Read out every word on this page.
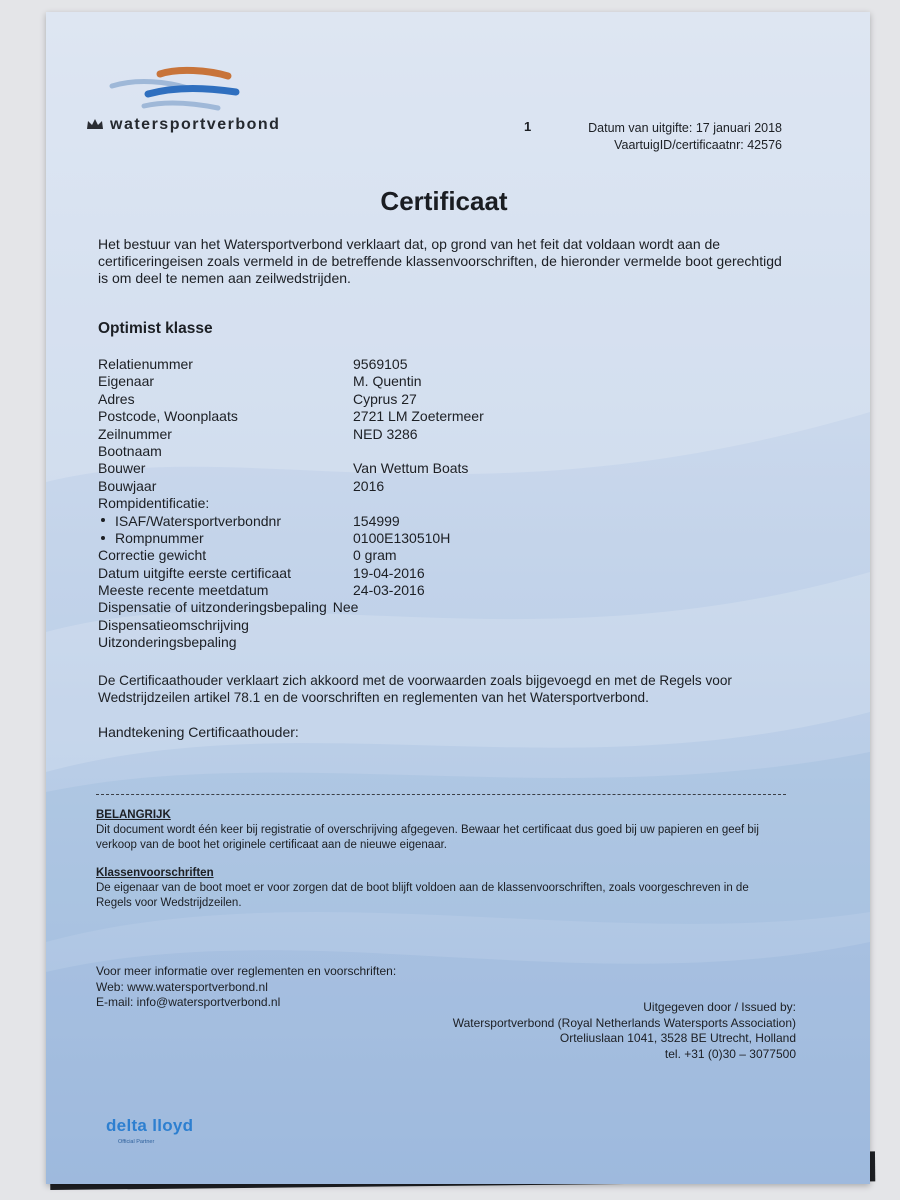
watersportverbond	1	Datum van uitgifte: 17 januari 2018
VaartuigID/certificaatnr: 42576
Certificaat
Het bestuur van het Watersportverbond verklaart dat, op grond van het feit dat voldaan wordt aan de certificeringeisen zoals vermeld in de betreffende klassenvoorschriften, de hieronder vermelde boot gerechtigd is om deel te nemen aan zeilwedstrijden.
Optimist klasse
Relatienummer	9569105
Eigenaar	M. Quentin
Adres	Cyprus 27
Postcode, Woonplaats	2721 LM Zoetermeer
Zeilnummer	NED 3286
Bootnaam
Bouwer	Van Wettum Boats
Bouwjaar	2016
Rompidentificatie:
ISAF/Watersportverbondnr	154999
Rompnummer	0100E130510H
Correctie gewicht	0 gram
Datum uitgifte eerste certificaat	19-04-2016
Meeste recente meetdatum	24-03-2016
Dispensatie of uitzonderingsbepaling Nee
Dispensatieomschrijving
Uitzonderingsbepaling
De Certificaathouder verklaart zich akkoord met de voorwaarden zoals bijgevoegd en met de Regels voor Wedstrijdzeilen artikel 78.1 en de voorschriften en reglementen van het Watersportverbond.
Handtekening Certificaathouder:
BELANGRIJK
Dit document wordt één keer bij registratie of overschrijving afgegeven. Bewaar het certificaat dus goed bij uw papieren en geef bij verkoop van de boot het originele certificaat aan de nieuwe eigenaar.
Klassenvoorschriften
De eigenaar van de boot moet er voor zorgen dat de boot blijft voldoen aan de klassenvoorschriften, zoals voorgeschreven in de Regels voor Wedstrijdzeilen.
Voor meer informatie over reglementen en voorschriften:
Web: www.watersportverbond.nl
E-mail: info@watersportverbond.nl	Uitgegeven door / Issued by:
Watersportverbond (Royal Netherlands Watersports Association)
Orteliuslaan 1041, 3528 BE Utrecht, Holland
tel. +31 (0)30 – 3077500
delta lloyd
Official Partner
